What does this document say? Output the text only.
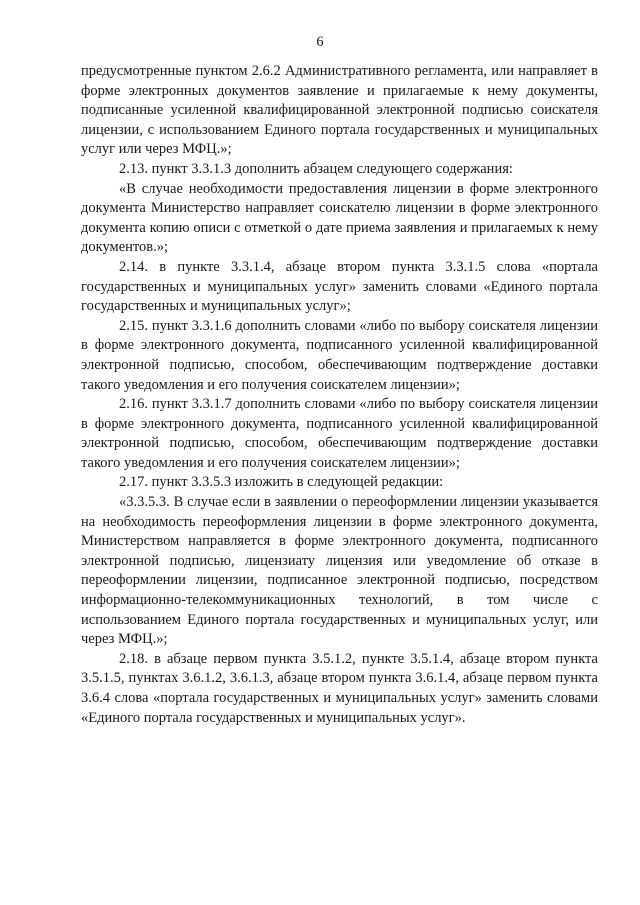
6

предусмотренные пунктом 2.6.2 Административного регламента, или направляет в форме электронных документов заявление и прилагаемые к нему документы, подписанные усиленной квалифицированной электронной подписью соискателя лицензии, с использованием Единого портала государственных и муниципальных услуг или через МФЦ.»;

2.13. пункт 3.3.1.3 дополнить абзацем следующего содержания:

«В случае необходимости предоставления лицензии в форме электронного документа Министерство направляет соискателю лицензии в форме электронного документа копию описи с отметкой о дате приема заявления и прилагаемых к нему документов.»;

2.14. в пункте 3.3.1.4, абзаце втором пункта 3.3.1.5 слова «портала государственных и муниципальных услуг» заменить словами «Единого портала государственных и муниципальных услуг»;

2.15. пункт 3.3.1.6 дополнить словами «либо по выбору соискателя лицензии в форме электронного документа, подписанного усиленной квалифицированной электронной подписью, способом, обеспечивающим подтверждение доставки такого уведомления и его получения соискателем лицензии»;

2.16. пункт 3.3.1.7 дополнить словами «либо по выбору соискателя лицензии в форме электронного документа, подписанного усиленной квалифицированной электронной подписью, способом, обеспечивающим подтверждение доставки такого уведомления и его получения соискателем лицензии»;

2.17. пункт 3.3.5.3 изложить в следующей редакции:

«3.3.5.3. В случае если в заявлении о переоформлении лицензии указывается на необходимость переоформления лицензии в форме электронного документа, Министерством направляется в форме электронного документа, подписанного электронной подписью, лицензиату лицензия или уведомление об отказе в переоформлении лицензии, подписанное электронной подписью, посредством информационно-телекоммуникационных технологий, в том числе с использованием Единого портала государственных и муниципальных услуг, или через МФЦ.»;

2.18. в абзаце первом пункта 3.5.1.2, пункте 3.5.1.4, абзаце втором пункта 3.5.1.5, пунктах 3.6.1.2, 3.6.1.3, абзаце втором пункта 3.6.1.4, абзаце первом пункта 3.6.4 слова «портала государственных и муниципальных услуг» заменить словами «Единого портала государственных и муниципальных услуг».
